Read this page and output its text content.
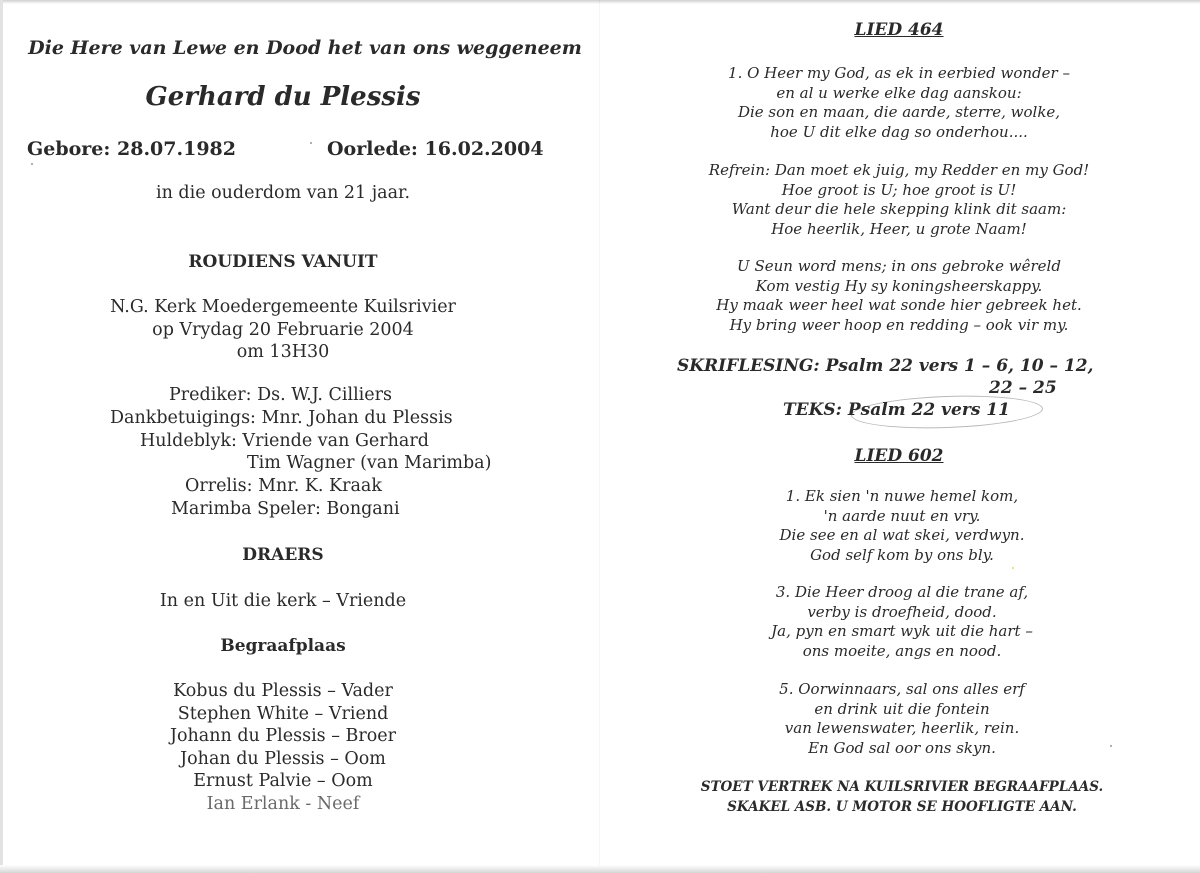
Die Here van Lewe en Dood het van ons weggeneem
Gerhard du Plessis
Gebore: 28.07.1982	Oorlede: 16.02.2004
in die ouderdom van 21 jaar.
ROUDIENS VANUIT
N.G. Kerk Moedergemeente Kuilsrivier
op Vrydag 20 Februarie 2004
om 13H30
Prediker: Ds. W.J. Cilliers
Dankbetuigings: Mnr. Johan du Plessis
Huldeblyk: Vriende van Gerhard
Tim Wagner (van Marimba)
Orrelis: Mnr. K. Kraak
Marimba Speler: Bongani
DRAERS
In en Uit die kerk – Vriende
Begraafplaas
Kobus du Plessis – Vader
Stephen White – Vriend
Johann du Plessis – Broer
Johan du Plessis – Oom
Ernust Palvie – Oom
Ian Erlank - Neef
LIED 464
1. O Heer my God, as ek in eerbied wonder –
en al u werke elke dag aanskou:
Die son en maan, die aarde, sterre, wolke,
hoe U dit elke dag so onderhou....
Refrein: Dan moet ek juig, my Redder en my God!
Hoe groot is U; hoe groot is U!
Want deur die hele skepping klink dit saam:
Hoe heerlik, Heer, u grote Naam!
U Seun word mens; in ons gebroke wêreld
Kom vestig Hy sy koningsheerskappy.
Hy maak weer heel wat sonde hier gebreek het.
Hy bring weer hoop en redding – ook vir my.
SKRIFLESING: Psalm 22 vers 1 – 6, 10 – 12,
22 – 25
TEKS: Psalm 22 vers 11
LIED 602
1. Ek sien 'n nuwe hemel kom,
'n aarde nuut en vry.
Die see en al wat skei, verdwyn.
God self kom by ons bly.
3. Die Heer droog al die trane af,
verby is droefheid, dood.
Ja, pyn en smart wyk uit die hart –
ons moeite, angs en nood.
5. Oorwinnaars, sal ons alles erf
en drink uit die fontein
van lewenswater, heerlik, rein.
En God sal oor ons skyn.
STOET VERTREK NA KUILSRIVIER BEGRAAFPLAAS.
SKAKEL ASB. U MOTOR SE HOOFLIGTE AAN.
